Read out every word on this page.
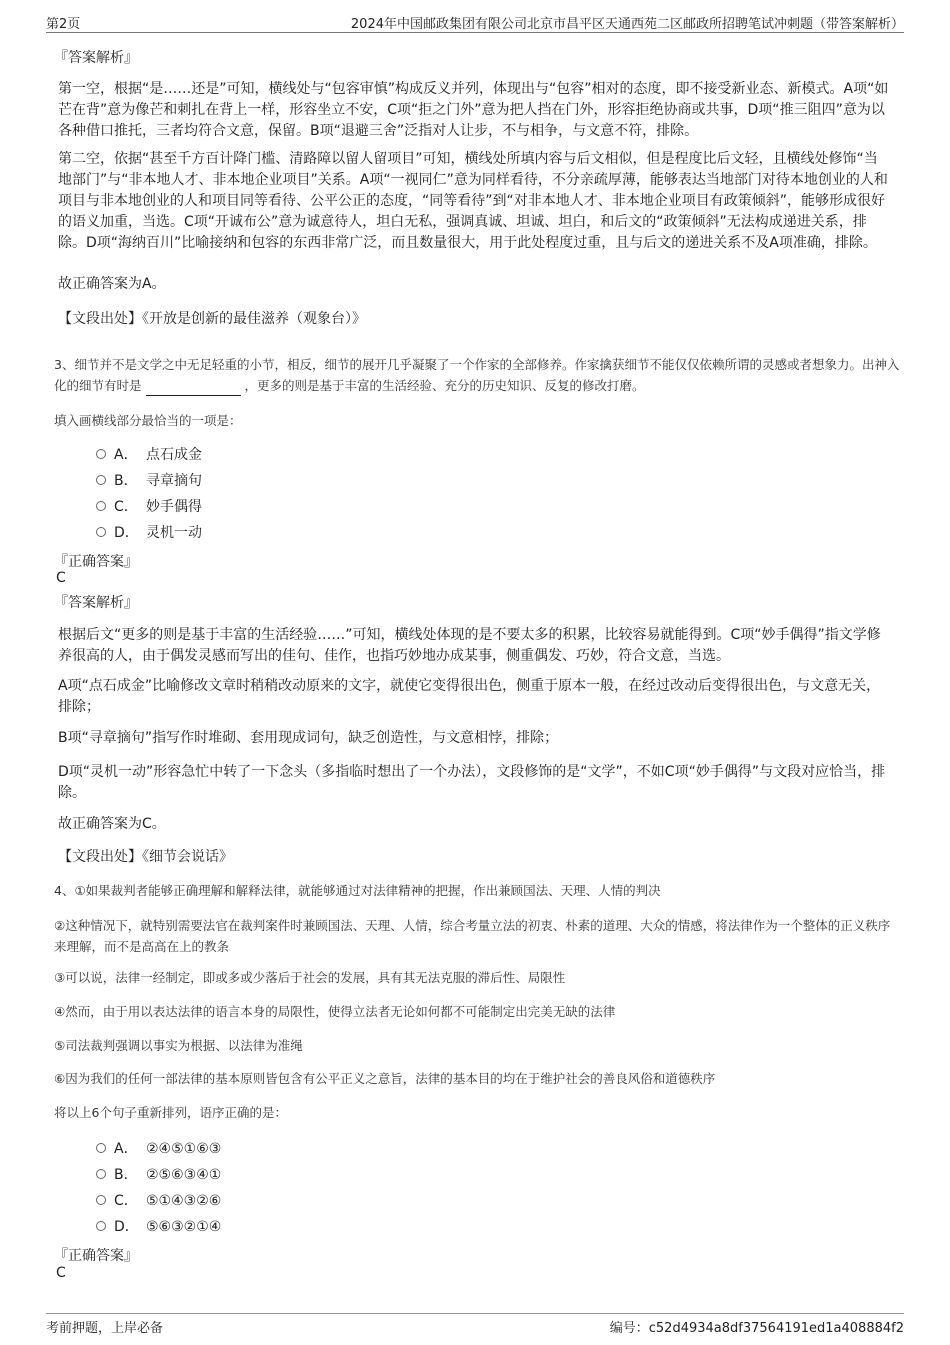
第2页	2024年中国邮政集团有限公司北京市昌平区天通西苑二区邮政所招聘笔试冲刺题（带答案解析）
『答案解析』
第一空，根据“是……还是”可知，横线处与“包容审慎”构成反义并列，体现出与“包容”相对的态度，即不接受新业态、新模式。A项“如芒在背”意为像芒和刺扎在背上一样，形容坐立不安，C项“拒之门外”意为把人挡在门外，形容拒绝协商或共事，D项“推三阻四”意为以各种借口推托，三者均符合文意，保留。B项“退避三舍”泛指对人让步，不与相争，与文意不符，排除。
第二空，依据“甚至千方百计降门槛、清路障以留人留项目”可知，横线处所填内容与后文相似，但是程度比后文轻，且横线处修饰“当地部门”与“非本地人才、非本地企业项目”关系。A项“一视同仁”意为同样看待，不分亲疏厚薄，能够表达当地部门对待本地创业的人和项目与非本地创业的人和项目同等看待、公平公正的态度，“同等看待”到“对非本地人才、非本地企业项目有政策倾斜”，能够形成很好的语义加重，当选。C项“开诚布公”意为诚意待人，坦白无私，强调真诚、坦诚、坦白，和后文的“政策倾斜”无法构成递进关系，排除。D项“海纳百川”比喻接纳和包容的东西非常广泛，而且数量很大，用于此处程度过重，且与后文的递进关系不及A项准确，排除。
故正确答案为A。
【文段出处】《开放是创新的最佳滋养（观象台）》
3、细节并不是文学之中无足轻重的小节，相反，细节的展开几乎凝聚了一个作家的全部修养。作家擒获细节不能仅仅依赖所谓的灵感或者想象力。出神入化的细节有时是	，更多的则是基于丰富的生活经验、充分的历史知识、反复的修改打磨。
填入画横线部分最恰当的一项是：
A． 点石成金
B． 寻章摘句
C． 妙手偶得
D． 灵机一动
『正确答案』
C
『答案解析』
根据后文“更多的则是基于丰富的生活经验……”可知，横线处体现的是不要太多的积累，比较容易就能得到。C项“妙手偶得”指文学修养很高的人，由于偶发灵感而写出的佳句、佳作，也指巧妙地办成某事，侧重偶发、巧妙，符合文意，当选。
A项“点石成金”比喻修改文章时稍稍改动原来的文字，就使它变得很出色，侧重于原本一般，在经过改动后变得很出色，与文意无关，排除；
B项“寻章摘句”指写作时堆砌、套用现成词句，缺乏创造性，与文意相悖，排除；
D项“灵机一动”形容急忙中转了一下念头（多指临时想出了一个办法），文段修饰的是“文学”，不如C项“妙手偶得”与文段对应恰当，排除。
故正确答案为C。
【文段出处】《细节会说话》
4、①如果裁判者能够正确理解和解释法律，就能够通过对法律精神的把握，作出兼顾国法、天理、人情的判决
②这种情况下，就特别需要法官在裁判案件时兼顾国法、天理、人情，综合考量立法的初衷、朴素的道理、大众的情感，将法律作为一个整体的正义秩序来理解，而不是高高在上的教条
③可以说，法律一经制定，即或多或少落后于社会的发展，具有其无法克服的滞后性、局限性
④然而，由于用以表达法律的语言本身的局限性，使得立法者无论如何都不可能制定出完美无缺的法律
⑤司法裁判强调以事实为根据、以法律为准绳
⑥因为我们的任何一部法律的基本原则皆包含有公平正义之意旨，法律的基本目的均在于维护社会的善良风俗和道德秩序
将以上6个句子重新排列，语序正确的是：
A． ②④⑤①⑥③
B． ②⑤⑥③④①
C． ⑤①④③②⑥
D． ⑤⑥③②①④
『正确答案』
C
考前押题，上岸必备	编号：c52d4934a8df37564191ed1a408884f2
